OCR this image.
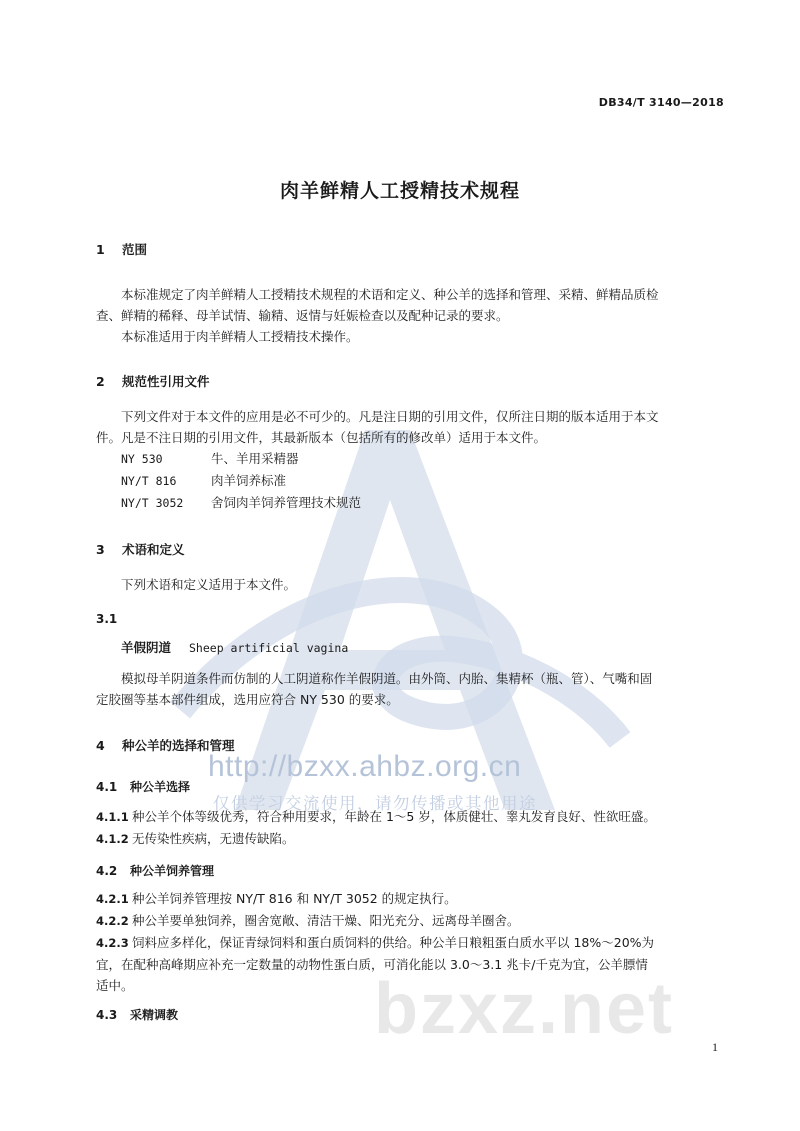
DB34/T 3140—2018
肉羊鲜精人工授精技术规程
1 范围
本标准规定了肉羊鲜精人工授精技术规程的术语和定义、种公羊的选择和管理、采精、鲜精品质检
查、鲜精的稀释、母羊试情、输精、返情与妊娠检查以及配种记录的要求。
本标准适用于肉羊鲜精人工授精技术操作。
2 规范性引用文件
下列文件对于本文件的应用是必不可少的。凡是注日期的引用文件，仅所注日期的版本适用于本文
件。凡是不注日期的引用文件，其最新版本（包括所有的修改单）适用于本文件。
NY 530	牛、羊用采精器
NY/T 816	肉羊饲养标准
NY/T 3052 舍饲肉羊饲养管理技术规范
3 术语和定义
下列术语和定义适用于本文件。
3.1
羊假阴道 Sheep artificial vagina
模拟母羊阴道条件而仿制的人工阴道称作羊假阴道。由外筒、内胎、集精杯（瓶、管）、气嘴和固
定胶圈等基本部件组成，选用应符合 NY 530 的要求。
4 种公羊的选择和管理
4.1 种公羊选择
4.1.1 种公羊个体等级优秀，符合种用要求，年龄在 1～5 岁，体质健壮、睾丸发育良好、性欲旺盛。
4.1.2 无传染性疾病，无遗传缺陷。
4.2 种公羊饲养管理
4.2.1 种公羊饲养管理按 NY/T 816 和 NY/T 3052 的规定执行。
4.2.2 种公羊要单独饲养，圈舍宽敞、清洁干燥、阳光充分、远离母羊圈舍。
4.2.3 饲料应多样化，保证青绿饲料和蛋白质饲料的供给。种公羊日粮粗蛋白质水平以 18%～20%为
宜，在配种高峰期应补充一定数量的动物性蛋白质，可消化能以 3.0～3.1 兆卡/千克为宜，公羊膘情
适中。
4.3 采精调教
http://bzxx.ahbz.org.cn
仅供学习交流使用，请勿传播或其他用途
bzxz.net	1
